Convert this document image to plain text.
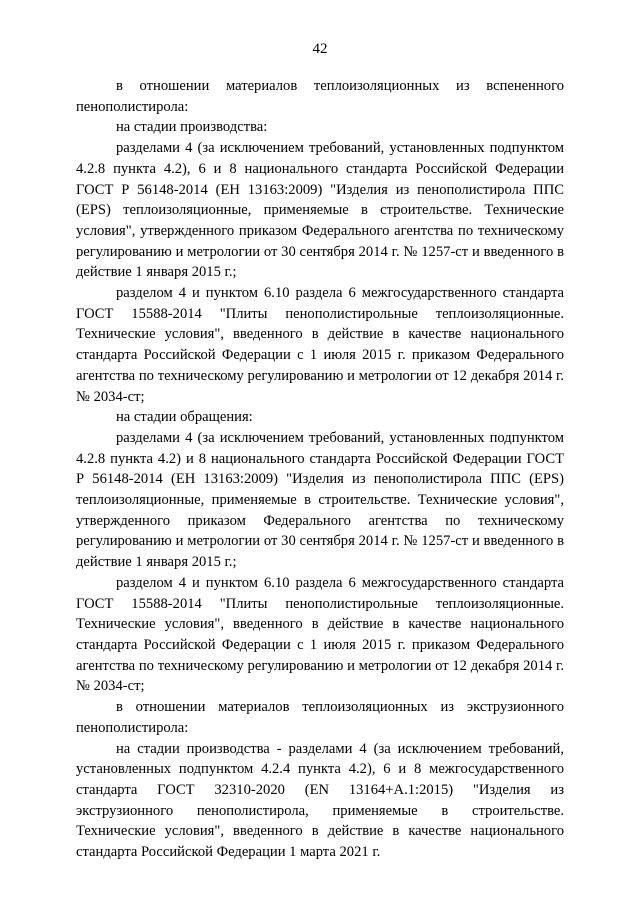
42

в отношении материалов теплоизоляционных из вспененного пенополистирола:

на стадии производства:

разделами 4 (за исключением требований, установленных подпунктом 4.2.8 пункта 4.2), 6 и 8 национального стандарта Российской Федерации ГОСТ Р 56148-2014 (ЕН 13163:2009) "Изделия из пенополистирола ППС (EPS) теплоизоляционные, применяемые в строительстве. Технические условия", утвержденного приказом Федерального агентства по техническому регулированию и метрологии от 30 сентября 2014 г. № 1257-ст и введенного в действие 1 января 2015 г.;

разделом 4 и пунктом 6.10 раздела 6 межгосударственного стандарта ГОСТ 15588-2014 "Плиты пенополистирольные теплоизоляционные. Технические условия", введенного в действие в качестве национального стандарта Российской Федерации с 1 июля 2015 г. приказом Федерального агентства по техническому регулированию и метрологии от 12 декабря 2014 г. № 2034-ст;

на стадии обращения:

разделами 4 (за исключением требований, установленных подпунктом 4.2.8 пункта 4.2) и 8 национального стандарта Российской Федерации ГОСТ Р 56148-2014 (ЕН 13163:2009) "Изделия из пенополистирола ППС (EPS) теплоизоляционные, применяемые в строительстве. Технические условия", утвержденного приказом Федерального агентства по техническому регулированию и метрологии от 30 сентября 2014 г. № 1257-ст и введенного в действие 1 января 2015 г.;

разделом 4 и пунктом 6.10 раздела 6 межгосударственного стандарта ГОСТ 15588-2014 "Плиты пенополистирольные теплоизоляционные. Технические условия", введенного в действие в качестве национального стандарта Российской Федерации с 1 июля 2015 г. приказом Федерального агентства по техническому регулированию и метрологии от 12 декабря 2014 г. № 2034-ст;

в отношении материалов теплоизоляционных из экструзионного пенополистирола:

на стадии производства - разделами 4 (за исключением требований, установленных подпунктом 4.2.4 пункта 4.2), 6 и 8 межгосударственного стандарта ГОСТ 32310-2020 (EN 13164+A.1:2015) "Изделия из экструзионного пенополистирола, применяемые в строительстве. Технические условия", введенного в действие в качестве национального стандарта Российской Федерации 1 марта 2021 г.
